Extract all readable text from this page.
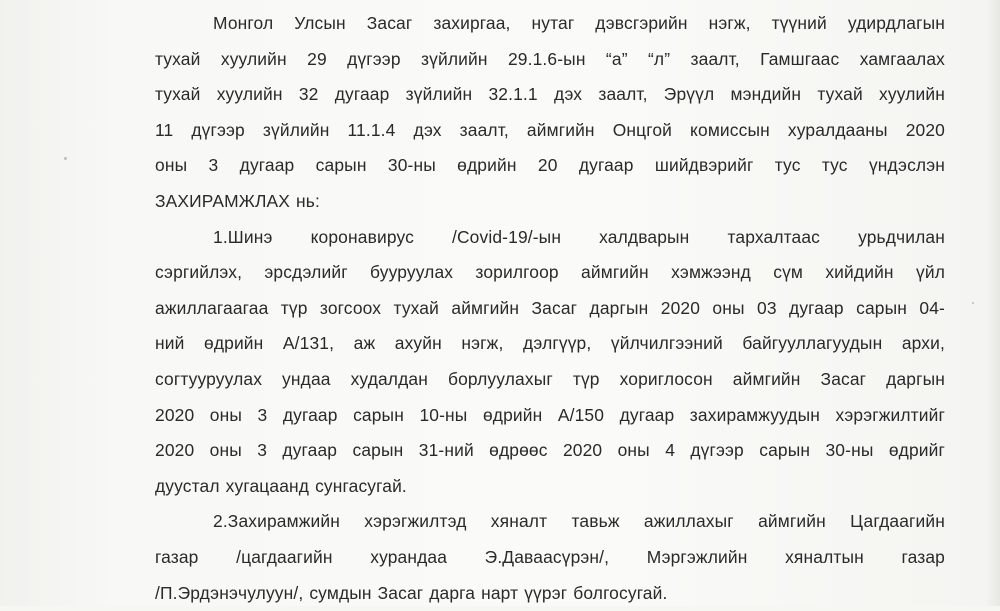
Монгол Улсын Засаг захиргаа, нутаг дэвсгэрийн нэгж, түүний удирдлагын
тухай хуулийн 29 дүгээр зүйлийн 29.1.6-ын “а” “л” заалт, Гамшгаас хамгаалах
тухай хуулийн 32 дугаар зүйлийн 32.1.1 дэх заалт, Эрүүл мэндийн тухай хуулийн
11 дүгээр зүйлийн 11.1.4 дэх заалт, аймгийн Онцгой комиссын хуралдааны 2020
оны 3 дугаар сарын 30-ны өдрийн 20 дугаар шийдвэрийг тус тус үндэслэн
ЗАХИРАМЖЛАХ нь:
1.Шинэ коронавирус /Covid-19/-ын халдварын тархалтаас урьдчилан
сэргийлэх, эрсдэлийг бууруулах зорилгоор аймгийн хэмжээнд сүм хийдийн үйл
ажиллагаагаа түр зогсоох тухай аймгийн Засаг даргын 2020 оны 03 дугаар сарын 04-
ний өдрийн А/131, аж ахуйн нэгж, дэлгүүр, үйлчилгээний байгууллагуудын архи,
согтууруулах ундаа худалдан борлуулахыг түр хориглосон аймгийн Засаг даргын
2020 оны 3 дугаар сарын 10-ны өдрийн А/150 дугаар захирамжуудын хэрэгжилтийг
2020 оны 3 дугаар сарын 31-ний өдрөөс 2020 оны 4 дүгээр сарын 30-ны өдрийг
дуустал хугацаанд сунгасугай.
2.Захирамжийн хэрэгжилтэд хяналт тавьж ажиллахыг аймгийн Цагдаагийн
газар /цагдаагийн хурандаа Э.Даваасүрэн/, Мэргэжлийн хяналтын газар
/П.Эрдэнэчулуун/, сумдын Засаг дарга нарт үүрэг болгосугай.
